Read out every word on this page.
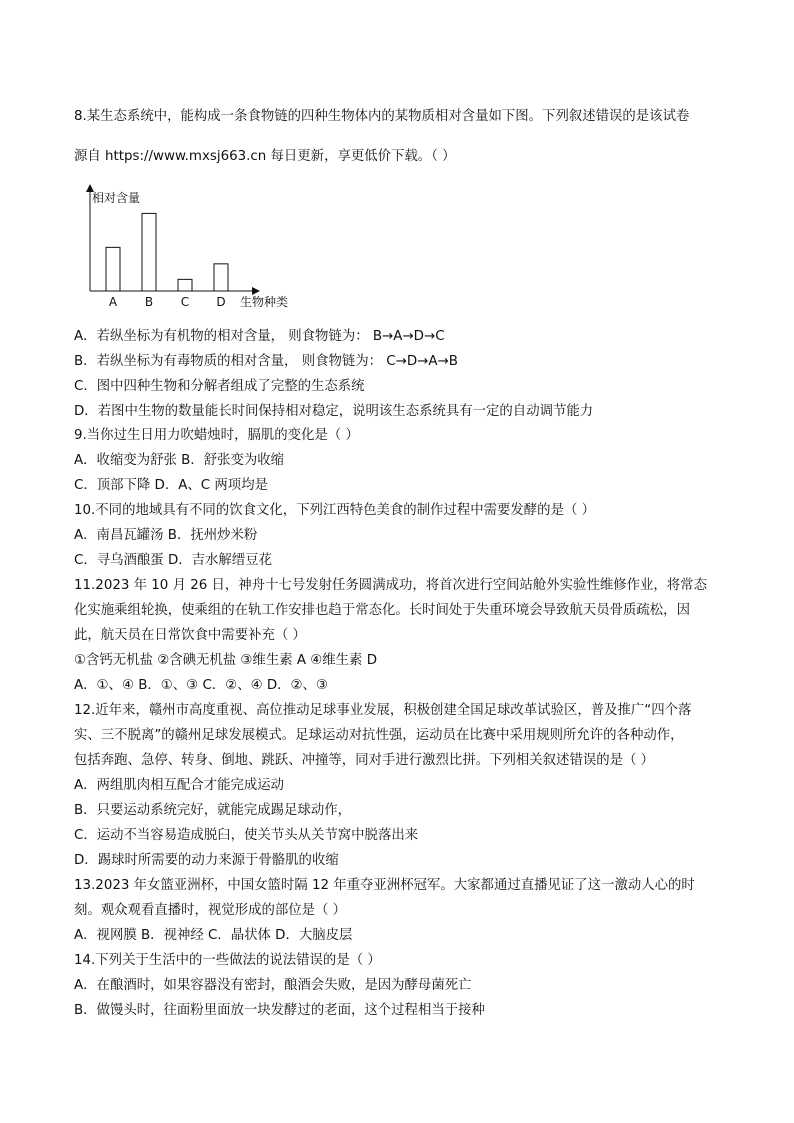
8.某生态系统中，能构成一条食物链的四种生物体内的某物质相对含量如下图。下列叙述错误的是该试卷
源自 https://www.mxsj663.cn 每日更新，享更低价下载。（ ）
相对含量
生物种类
A B C D
A．若纵坐标为有机物的相对含量， 则食物链为： B→A→D→C
B．若纵坐标为有毒物质的相对含量， 则食物链为： C→D→A→B
C．图中四种生物和分解者组成了完整的生态系统
D．若图中生物的数量能长时间保持相对稳定，说明该生态系统具有一定的自动调节能力
9.当你过生日用力吹蜡烛时，膈肌的变化是（ ）
A．收缩变为舒张 B．舒张变为收缩
C．顶部下降 D．A、C 两项均是
10.不同的地域具有不同的饮食文化，下列江西特色美食的制作过程中需要发酵的是（ ）
A．南昌瓦罐汤 B．抚州炒米粉
C．寻乌酒酿蛋 D．吉水解缙豆花
11.2023 年 10 月 26 日，神舟十七号发射任务圆满成功，将首次进行空间站舱外实验性维修作业，将常态
化实施乘组轮换，使乘组的在轨工作安排也趋于常态化。长时间处于失重环境会导致航天员骨质疏松，因
此，航天员在日常饮食中需要补充（ ）
①含钙无机盐 ②含碘无机盐 ③维生素 A ④维生素 D
A．①、④ B．①、③ C．②、④ D．②、③
12.近年来，赣州市高度重视、高位推动足球事业发展，积极创建全国足球改革试验区，普及推广“四个落
实、三不脱离”的赣州足球发展模式。足球运动对抗性强，运动员在比赛中采用规则所允许的各种动作，
包括奔跑、急停、转身、倒地、跳跃、冲撞等，同对手进行激烈比拼。下列相关叙述错误的是（ ）
A．两组肌肉相互配合才能完成运动
B．只要运动系统完好，就能完成踢足球动作，
C．运动不当容易造成脱臼，使关节头从关节窝中脱落出来
D．踢球时所需要的动力来源于骨骼肌的收缩
13.2023 年女篮亚洲杯，中国女篮时隔 12 年重夺亚洲杯冠军。大家都通过直播见证了这一激动人心的时
刻。观众观看直播时，视觉形成的部位是（ ）
A．视网膜 B．视神经 C．晶状体 D．大脑皮层
14.下列关于生活中的一些做法的说法错误的是（ ）
A．在酿酒时，如果容器没有密封，酿酒会失败，是因为酵母菌死亡
B．做馒头时，往面粉里面放一块发酵过的老面，这个过程相当于接种
